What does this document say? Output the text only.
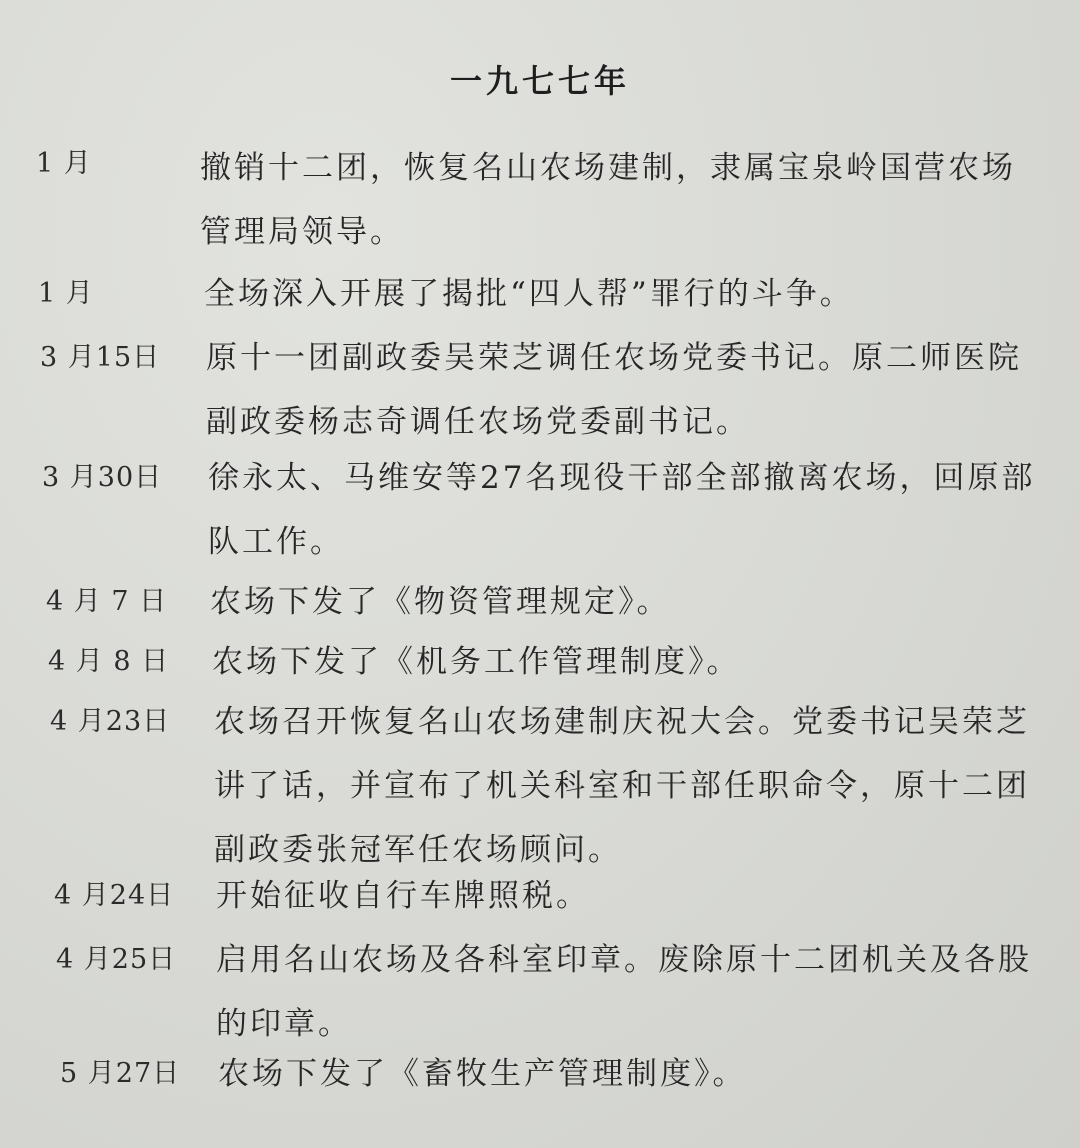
一九七七年
1 月	撤销十二团，恢复名山农场建制，隶属宝泉岭国营农场
管理局领导。
1 月	全场深入开展了揭批“四人帮”罪行的斗争。
3 月15日 原十一团副政委吴荣芝调任农场党委书记。原二师医院
副政委杨志奇调任农场党委副书记。
3 月30日 徐永太、马维安等27名现役干部全部撤离农场，回原部
队工作。
4 月 7 日 农场下发了《物资管理规定》。
4 月 8 日 农场下发了《机务工作管理制度》。
4 月23日 农场召开恢复名山农场建制庆祝大会。党委书记吴荣芝
讲了话，并宣布了机关科室和干部任职命令，原十二团
副政委张冠军任农场顾问。
4 月24日 开始征收自行车牌照税。
4 月25日 启用名山农场及各科室印章。废除原十二团机关及各股
的印章。
5 月27日 农场下发了《畜牧生产管理制度》。
